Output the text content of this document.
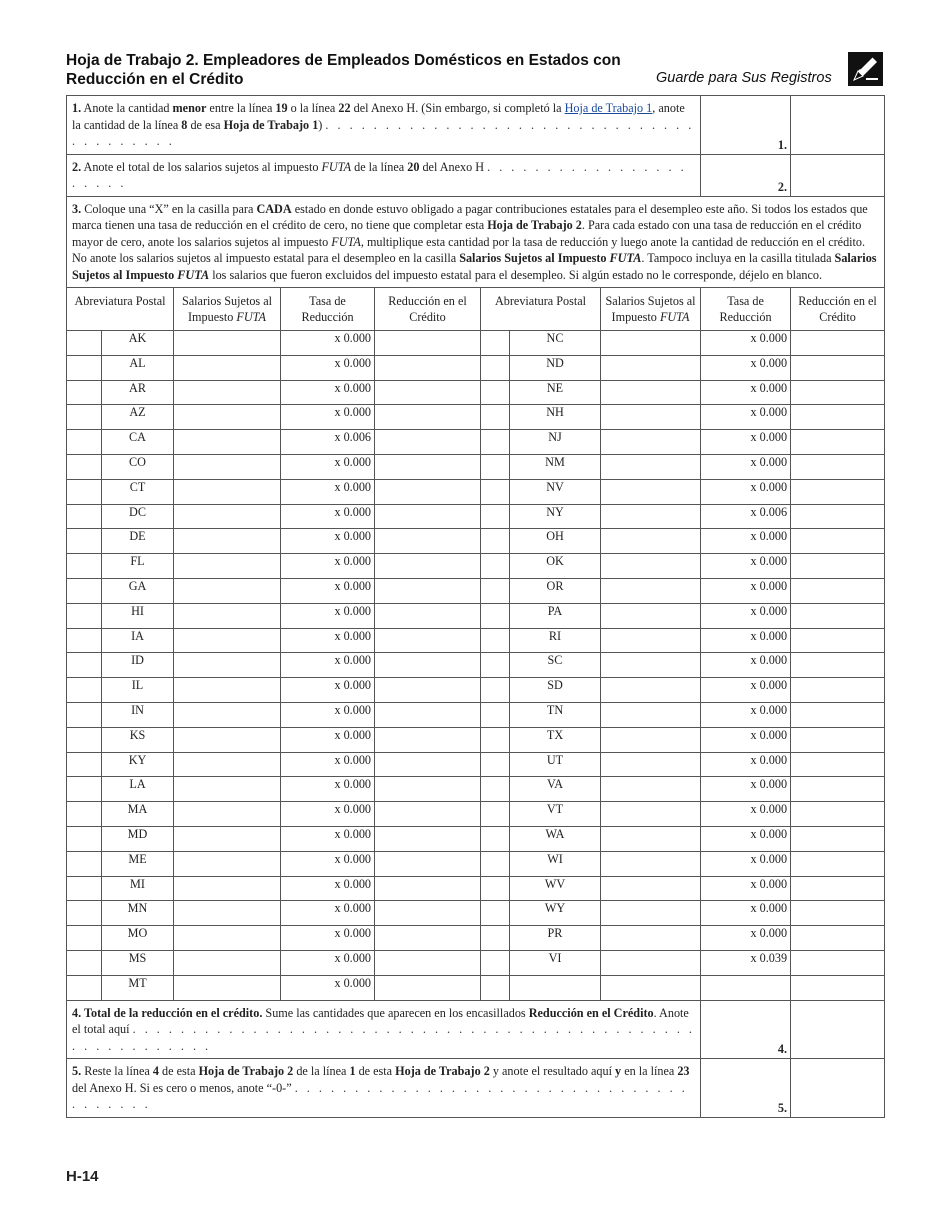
Hoja de Trabajo 2. Empleadores de Empleados Domésticos en Estados con
Reducción en el Crédito	Guarde para Sus Registros
1. Anote la cantidad menor entre la línea 19 o la línea 22 del Anexo H. (Sin embargo, si completó la Hoja de Trabajo 1, anote la cantidad de la línea 8 de esa Hoja de Trabajo 1) . . . . . . . . . . . . . . . . . . . . . . . . . . . . . . . . . . . . . . . .								1.	
2. Anote el total de los salarios sujetos al impuesto FUTA de la línea 20 del Anexo H . . . . . . . . . . . . . . . . . . . . . .								2.	
3. Coloque una “X” en la casilla para CADA estado en donde estuvo obligado a pagar contribuciones estatales para el desempleo este año. Si todos los estados que marca tienen una tasa de reducción en el crédito de cero, no tiene que completar esta Hoja de Trabajo 2. Para cada estado con una tasa de reducción en el crédito mayor de cero, anote los salarios sujetos al impuesto FUTA, multiplique esta cantidad por la tasa de reducción y luego anote la cantidad de reducción en el crédito. No anote los salarios sujetos al impuesto estatal para el desempleo en la casilla Salarios Sujetos al Impuesto FUTA. Tampoco incluya en la casilla titulada Salarios Sujetos al Impuesto FUTA los salarios que fueron excluidos del impuesto estatal para el desempleo. Si algún estado no le corresponde, déjelo en blanco.									
Abreviatura Postal		Salarios Sujetos al Impuesto FUTA	Tasa de Reducción	Reducción en el Crédito	Abreviatura Postal		Salarios Sujetos al Impuesto FUTA	Tasa de Reducción	Reducción en el Crédito
	AK		x 0.000			NC		x 0.000	
	AL		x 0.000			ND		x 0.000	
	AR		x 0.000			NE		x 0.000	
	AZ		x 0.000			NH		x 0.000	
	CA		x 0.006			NJ		x 0.000	
	CO		x 0.000			NM		x 0.000	
	CT		x 0.000			NV		x 0.000	
	DC		x 0.000			NY		x 0.006	
	DE		x 0.000			OH		x 0.000	
	FL		x 0.000			OK		x 0.000	
	GA		x 0.000			OR		x 0.000	
	HI		x 0.000			PA		x 0.000	
	IA		x 0.000			RI		x 0.000	
	ID		x 0.000			SC		x 0.000	
	IL		x 0.000			SD		x 0.000	
	IN		x 0.000			TN		x 0.000	
	KS		x 0.000			TX		x 0.000	
	KY		x 0.000			UT		x 0.000	
	LA		x 0.000			VA		x 0.000	
	MA		x 0.000			VT		x 0.000	
	MD		x 0.000			WA		x 0.000	
	ME		x 0.000			WI		x 0.000	
	MI		x 0.000			WV		x 0.000	
	MN		x 0.000			WY		x 0.000	
	MO		x 0.000			PR		x 0.000	
	MS		x 0.000			VI		x 0.039	
	MT		x 0.000						
4. Total de la reducción en el crédito. Sume las cantidades que aparecen en los encasillados Reducción en el Crédito. Anote el total aquí . . . . . . . . . . . . . . . . . . . . . . . . . . . . . . . . . . . . . . . . . . . . . . . . . . . . . . . . . . .								4.	
5. Reste la línea 4 de esta Hoja de Trabajo 2 de la línea 1 de esta Hoja de Trabajo 2 y anote el resultado aquí y en la línea 23 del Anexo H. Si es cero o menos, anote “-0-” . . . . . . . . . . . . . . . . . . . . . . . . . . . . . . . . . . . . . . . .								5.	
H-14
